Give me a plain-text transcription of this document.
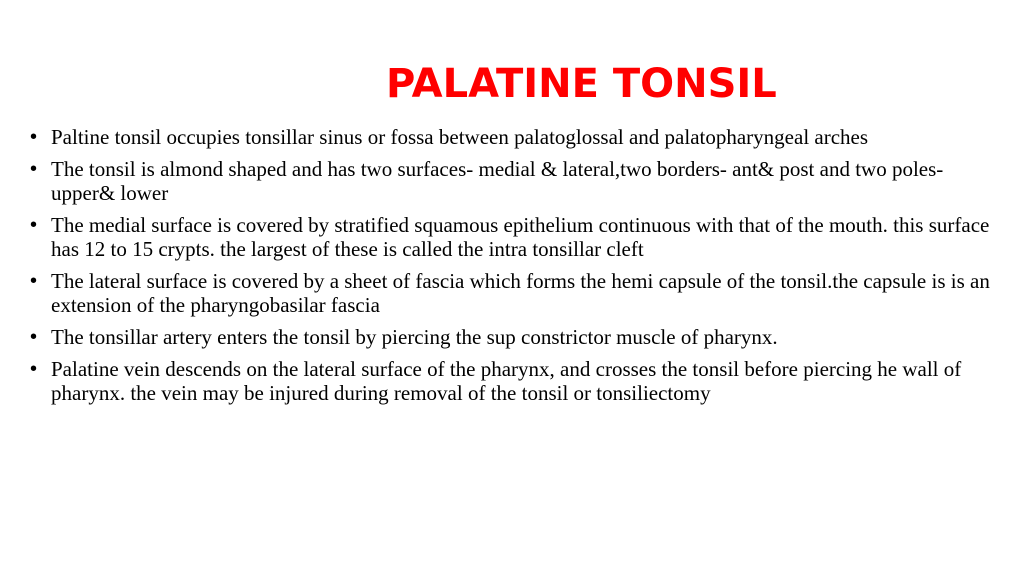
PALATINE TONSIL
• Paltine tonsil occupies tonsillar sinus or fossa between palatoglossal and palatopharyngeal arches
• The tonsil is almond shaped and has two surfaces- medial & lateral,two borders- ant& post and two poles- upper& lower
• The medial surface is covered by stratified squamous epithelium continuous with that of the mouth. this surface has 12 to 15 crypts. the largest of these is called the intra tonsillar cleft
• The lateral surface is covered by a sheet of fascia which forms the hemi capsule of the tonsil.the capsule is is an extension of the pharyngobasilar fascia
• The tonsillar artery enters the tonsil by piercing the sup constrictor muscle of pharynx.
• Palatine vein descends on the lateral surface of the pharynx, and crosses the tonsil before piercing he wall of pharynx. the vein may be injured during removal of the tonsil or tonsiliectomy
